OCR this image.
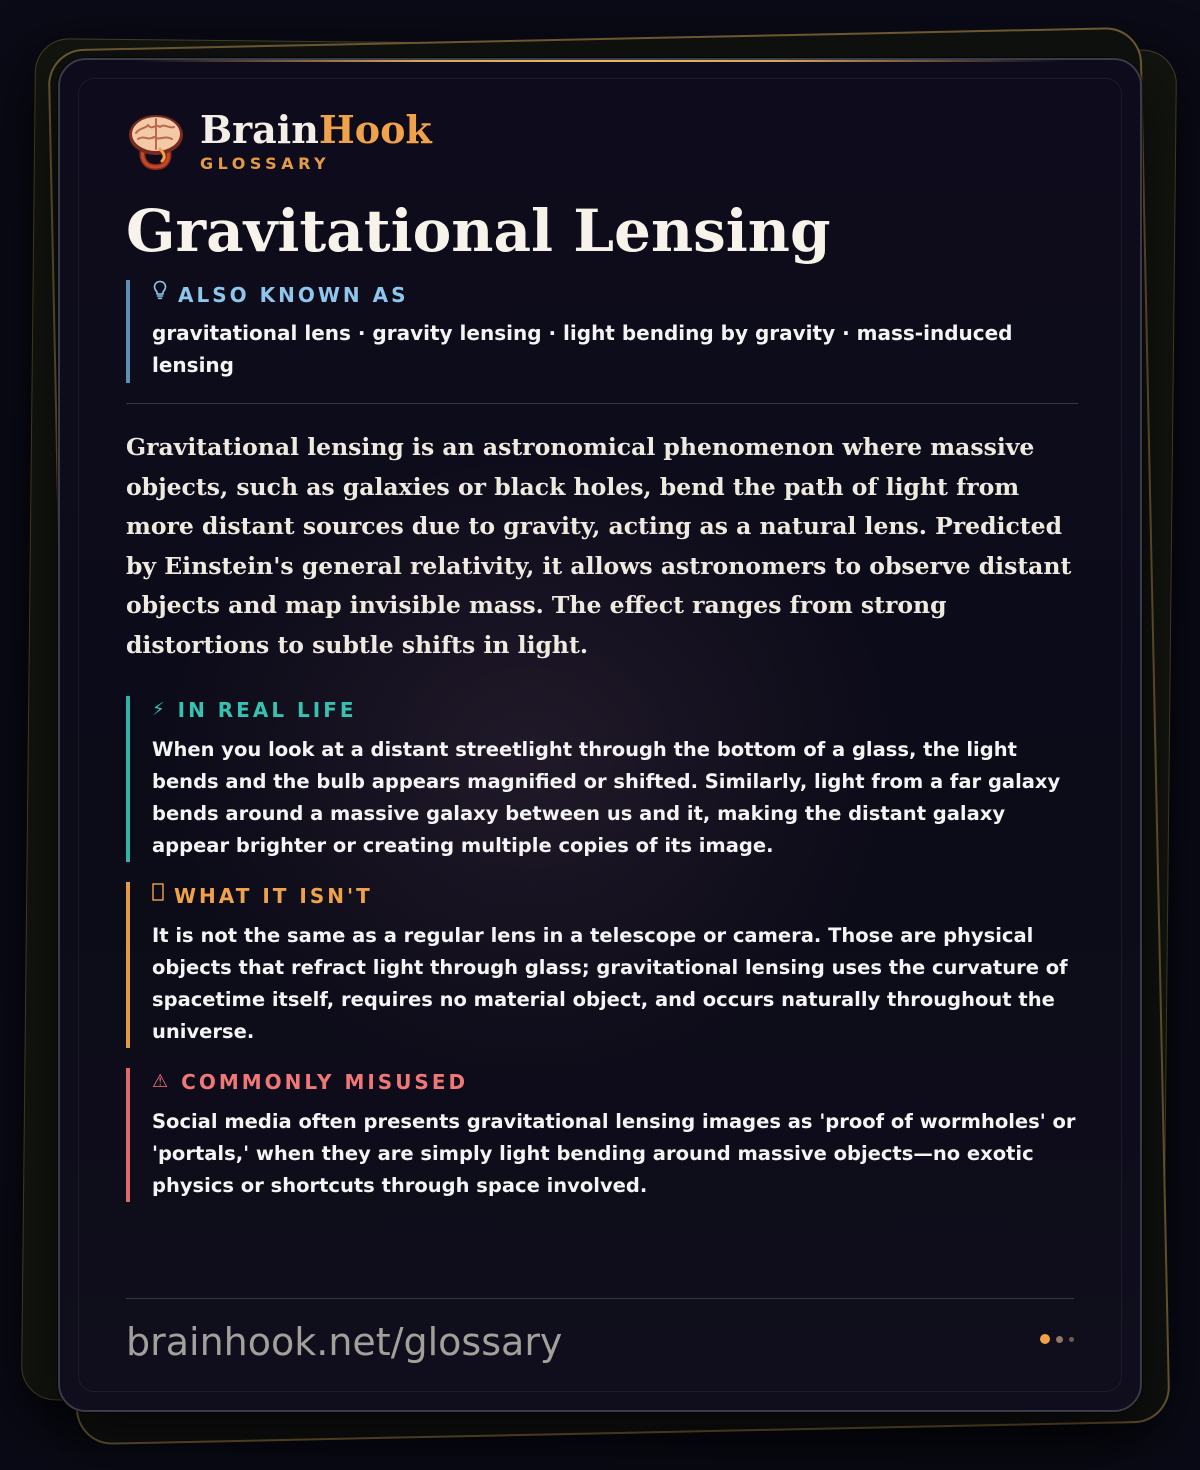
BrainHook
GLOSSARY
Gravitational Lensing
ALSO KNOWN AS
gravitational lens · gravity lensing · light bending by gravity · mass-induced lensing
Gravitational lensing is an astronomical phenomenon where massive objects, such as galaxies or black holes, bend the path of light from more distant sources due to gravity, acting as a natural lens. Predicted by Einstein's general relativity, it allows astronomers to observe distant objects and map invisible mass. The effect ranges from strong distortions to subtle shifts in light.
⚡ IN REAL LIFE
When you look at a distant streetlight through the bottom of a glass, the light bends and the bulb appears magnified or shifted. Similarly, light from a far galaxy bends around a massive galaxy between us and it, making the distant galaxy appear brighter or creating multiple copies of its image.
WHAT IT ISN'T
It is not the same as a regular lens in a telescope or camera. Those are physical objects that refract light through glass; gravitational lensing uses the curvature of spacetime itself, requires no material object, and occurs naturally throughout the universe.
⚠ COMMONLY MISUSED
Social media often presents gravitational lensing images as 'proof of wormholes' or 'portals,' when they are simply light bending around massive objects—no exotic physics or shortcuts through space involved.
brainhook.net/glossary
